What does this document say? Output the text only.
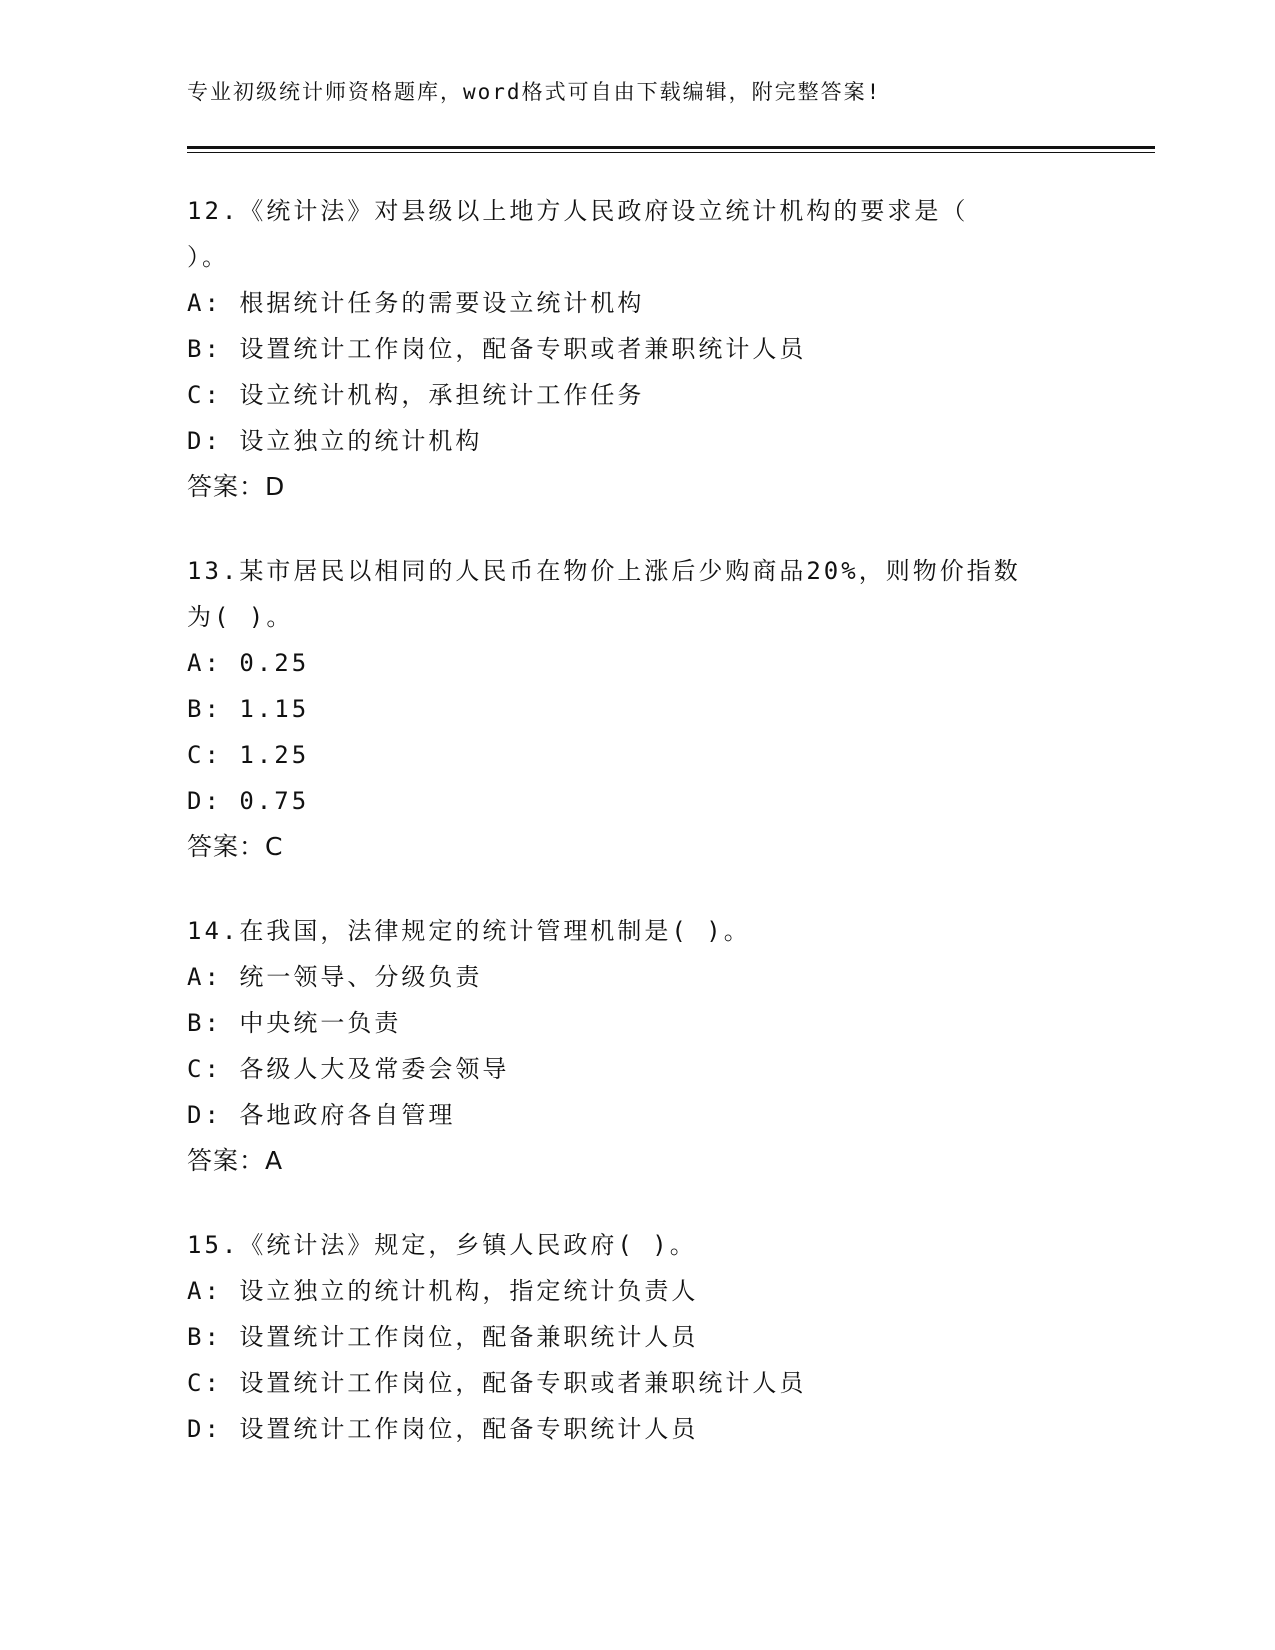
专业初级统计师资格题库，word格式可自由下载编辑，附完整答案!
12.《统计法》对县级以上地方人民政府设立统计机构的要求是（
）。
A: 根据统计任务的需要设立统计机构
B: 设置统计工作岗位，配备专职或者兼职统计人员
C: 设立统计机构，承担统计工作任务
D: 设立独立的统计机构
答案：D
13.某市居民以相同的人民币在物价上涨后少购商品20%，则物价指数
为( )。
A: 0.25
B: 1.15
C: 1.25
D: 0.75
答案：C
14.在我国，法律规定的统计管理机制是( )。
A: 统一领导、分级负责
B: 中央统一负责
C: 各级人大及常委会领导
D: 各地政府各自管理
答案：A
15.《统计法》规定，乡镇人民政府( )。
A: 设立独立的统计机构，指定统计负责人
B: 设置统计工作岗位，配备兼职统计人员
C: 设置统计工作岗位，配备专职或者兼职统计人员
D: 设置统计工作岗位，配备专职统计人员
